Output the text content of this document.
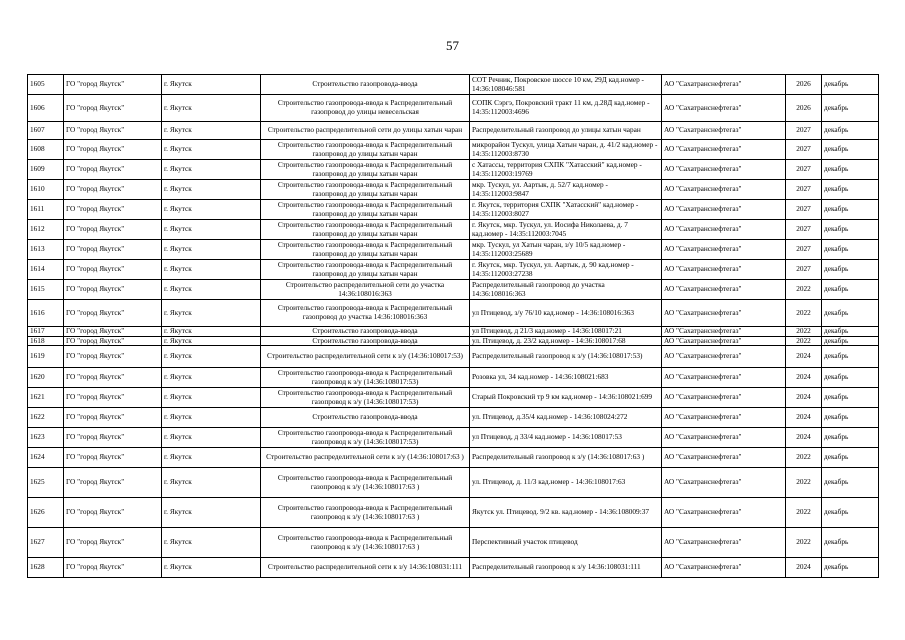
57
1605	ГО "город Якутск"	г. Якутск	Строительство газопровода-ввода	СОТ Речник, Покровское шоссе 10 км, 29Д кад.номер - 14:36:108046:581	АО "Сахатранснефтегаз"	2026	декабрь
1606	ГО "город Якутск"	г. Якутск	Строительство газопровода-ввода к Распределительный газопровод до улицы невесельская	СОПК Сэргэ, Покровский тракт 11 км, д.28Д кад.номер - 14:35:112003:4696	АО "Сахатранснефтегаз"	2026	декабрь
1607	ГО "город Якутск"	г. Якутск	Строительство распределительной сети до улицы хатын чаран	Распределительный газопровод до улицы хатын чаран	АО "Сахатранснефтегаз"	2027	декабрь
1608	ГО "город Якутск"	г. Якутск	Строительство газопровода-ввода к Распределительный газопровод до улицы хатын чаран	микрорайон Тускул, улица Хатын чаран, д. 41/2 кад.номер - 14:35:112003:8730	АО "Сахатранснефтегаз"	2027	декабрь
1609	ГО "город Якутск"	г. Якутск	Строительство газопровода-ввода к Распределительный газопровод до улицы хатын чаран	с Хатассы, территория СХПК "Хатасский" кад.номер - 14:35:112003:19769	АО "Сахатранснефтегаз"	2027	декабрь
1610	ГО "город Якутск"	г. Якутск	Строительство газопровода-ввода к Распределительный газопровод до улицы хатын чаран	мкр. Тускул, ул. Аартык, д. 52/7 кад.номер - 14:35:112003:9847	АО "Сахатранснефтегаз"	2027	декабрь
1611	ГО "город Якутск"	г. Якутск	Строительство газопровода-ввода к Распределительный газопровод до улицы хатын чаран	г. Якутск, территория СХПК "Хатасский" кад.номер - 14:35:112003:8027	АО "Сахатранснефтегаз"	2027	декабрь
1612	ГО "город Якутск"	г. Якутск	Строительство газопровода-ввода к Распределительный газопровод до улицы хатын чаран	г. Якутск, мкр. Тускул, ул. Иосифа Николаева, д. 7 кад.номер - 14:35:112003:7045	АО "Сахатранснефтегаз"	2027	декабрь
1613	ГО "город Якутск"	г. Якутск	Строительство газопровода-ввода к Распределительный газопровод до улицы хатын чаран	мкр. Тускул, ул Хатын чаран, з/у 10/5 кад.номер - 14:35:112003:25689	АО "Сахатранснефтегаз"	2027	декабрь
1614	ГО "город Якутск"	г. Якутск	Строительство газопровода-ввода к Распределительный газопровод до улицы хатын чаран	г. Якутск, мкр. Тускул, ул. Аартык, д. 90 кад.номер - 14:35:112003:27238	АО "Сахатранснефтегаз"	2027	декабрь
1615	ГО "город Якутск"	г. Якутск	Строительство распределительной сети до участка 14:36:108016:363	Распределительный газопровод до участка 14:36:108016:363	АО "Сахатранснефтегаз"	2022	декабрь
1616	ГО "город Якутск"	г. Якутск	Строительство газопровода-ввода к Распределительный газопровод до участка 14:36:108016:363	ул Птицевод, з/у 76/10 кад.номер - 14:36:108016:363	АО "Сахатранснефтегаз"	2022	декабрь
1617	ГО "город Якутск"	г. Якутск	Строительство газопровода-ввода	ул Птицевод, д 21/3 кад.номер - 14:36:108017:21	АО "Сахатранснефтегаз"	2022	декабрь
1618	ГО "город Якутск"	г. Якутск	Строительство газопровода-ввода	ул. Птицевод, д. 23/2 кад.номер - 14:36:108017:68	АО "Сахатранснефтегаз"	2022	декабрь
1619	ГО "город Якутск"	г. Якутск	Строительство распределительной сети к з/у (14:36:108017:53)	Распределительный газопровод к з/у (14:36:108017:53)	АО "Сахатранснефтегаз"	2024	декабрь
1620	ГО "город Якутск"	г. Якутск	Строительство газопровода-ввода к Распределительный газопровод к з/у (14:36:108017:53)	Розовка ул, 34 кад.номер - 14:36:108021:683	АО "Сахатранснефтегаз"	2024	декабрь
1621	ГО "город Якутск"	г. Якутск	Строительство газопровода-ввода к Распределительный газопровод к з/у (14:36:108017:53)	Старый Покровский тр 9 км кад.номер - 14:36:108021:699	АО "Сахатранснефтегаз"	2024	декабрь
1622	ГО "город Якутск"	г. Якутск	Строительство газопровода-ввода	ул. Птицевод, д.35/4 кад.номер - 14:36:108024:272	АО "Сахатранснефтегаз"	2024	декабрь
1623	ГО "город Якутск"	г. Якутск	Строительство газопровода-ввода к Распределительный газопровод к з/у (14:36:108017:53)	ул Птицевод, д 33/4 кад.номер - 14:36:108017:53	АО "Сахатранснефтегаз"	2024	декабрь
1624	ГО "город Якутск"	г. Якутск	Строительство распределительной сети к з/у (14:36:108017:63 )	Распределительный газопровод к з/у (14:36:108017:63 )	АО "Сахатранснефтегаз"	2022	декабрь
1625	ГО "город Якутск"	г. Якутск	Строительство газопровода-ввода к Распределительный газопровод к з/у (14:36:108017:63 )	ул. Птицевод, д. 11/3 кад.номер - 14:36:108017:63	АО "Сахатранснефтегаз"	2022	декабрь
1626	ГО "город Якутск"	г. Якутск	Строительство газопровода-ввода к Распределительный газопровод к з/у (14:36:108017:63 )	Якутск ул. Птицевод. 9/2 кв. кад.номер - 14:36:108009:37	АО "Сахатранснефтегаз"	2022	декабрь
1627	ГО "город Якутск"	г. Якутск	Строительство газопровода-ввода к Распределительный газопровод к з/у (14:36:108017:63 )	Перспективный участок птицевод	АО "Сахатранснефтегаз"	2022	декабрь
1628	ГО "город Якутск"	г. Якутск	Строительство распределительной сети к з/у 14:36:108031:111	Распределительный газопровод к з/у 14:36:108031:111	АО "Сахатранснефтегаз"	2024	декабрь
